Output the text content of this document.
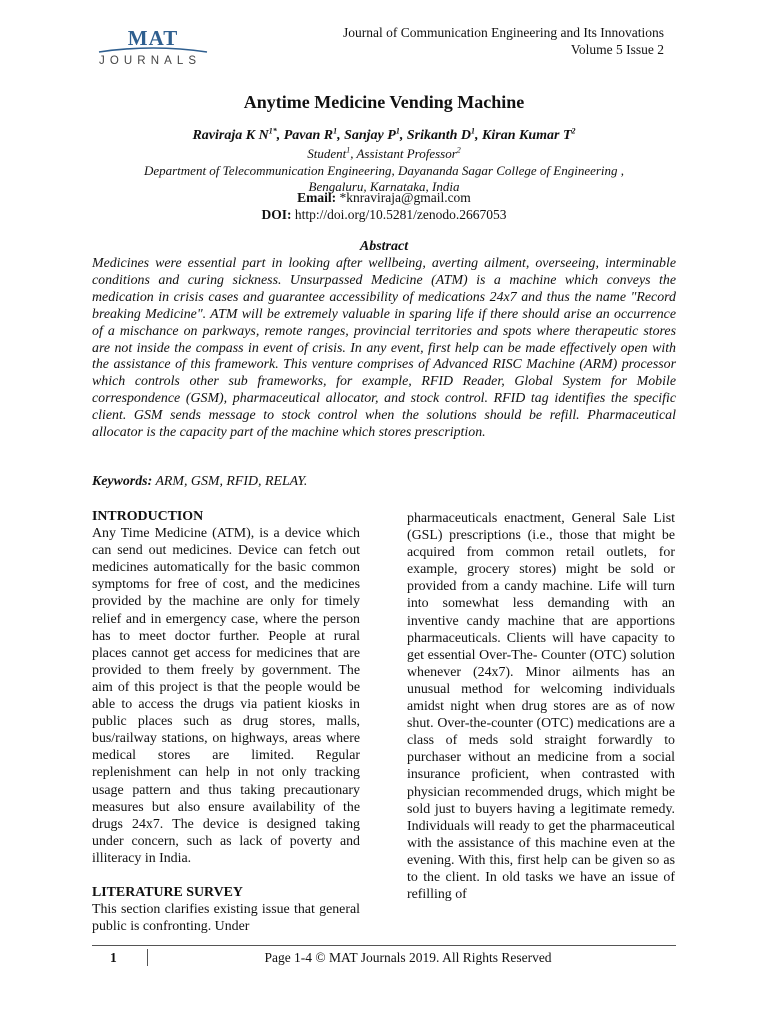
MAT
JOURNALS
Journal of Communication Engineering and Its Innovations
Volume 5 Issue 2
Anytime Medicine Vending Machine
Raviraja K $N^{1*}$, Pavan $R^1$, Sanjay $P^1$, Srikanth $D^1$, Kiran Kumar $T^2$
Student$^1$, Assistant Professor$^2$
Department of Telecommunication Engineering, Dayananda Sagar College of Engineering ,
Bengaluru, Karnataka, India
Email: *knraviraja@gmail.com
DOI: http://doi.org/10.5281/zenodo.2667053
Abstract
Medicines were essential part in looking after wellbeing, averting ailment, overseeing, interminable conditions and curing sickness. Unsurpassed Medicine (ATM) is a machine which conveys the medication in crisis cases and guarantee accessibility of medications 24x7 and thus the name "Record breaking Medicine". ATM will be extremely valuable in sparing life if there should arise an occurrence of a mischance on parkways, remote ranges, provincial territories and spots where therapeutic stores are not inside the compass in event of crisis. In any event, first help can be made effectively open with the assistance of this framework. This venture comprises of Advanced RISC Machine (ARM) processor which controls other sub frameworks, for example, RFID Reader, Global System for Mobile correspondence (GSM), pharmaceutical allocator, and stock control. RFID tag identifies the specific client. GSM sends message to stock control when the solutions should be refill. Pharmaceutical allocator is the capacity part of the machine which stores prescription.
Keywords: ARM, GSM, RFID, RELAY.
INTRODUCTION
Any Time Medicine (ATM), is a device which can send out medicines. Device can fetch out medicines automatically for the basic common symptoms for free of cost, and the medicines provided by the machine are only for timely relief and in emergency case, where the person has to meet doctor further. People at rural places cannot get access for medicines that are provided to them freely by government. The aim of this project is that the people would be able to access the drugs via patient kiosks in public places such as drug stores, malls, bus/railway stations, on highways, areas where medical stores are limited. Regular replenishment can help in not only tracking usage pattern and thus taking precautionary measures but also ensure availability of the drugs 24x7. The device is designed taking under concern, such as lack of poverty and illiteracy in India.
LITERATURE SURVEY
This section clarifies existing issue that general public is confronting. Under
pharmaceuticals enactment, General Sale List (GSL) prescriptions (i.e., those that might be acquired from common retail outlets, for example, grocery stores) might be sold or provided from a candy machine. Life will turn into somewhat less demanding with an inventive candy machine that are apportions pharmaceuticals. Clients will have capacity to get essential Over-The- Counter (OTC) solution whenever (24x7). Minor ailments has an unusual method for welcoming individuals amidst night when drug stores are as of now shut. Over-the-counter (OTC) medications are a class of meds sold straight forwardly to purchaser without an medicine from a social insurance proficient, when contrasted with physician recommended drugs, which might be sold just to buyers having a legitimate remedy. Individuals will ready to get the pharmaceutical with the assistance of this machine even at the evening. With this, first help can be given so as to the client. In old tasks we have an issue of refilling of
1	Page 1-4 © MAT Journals 2019. All Rights Reserved
